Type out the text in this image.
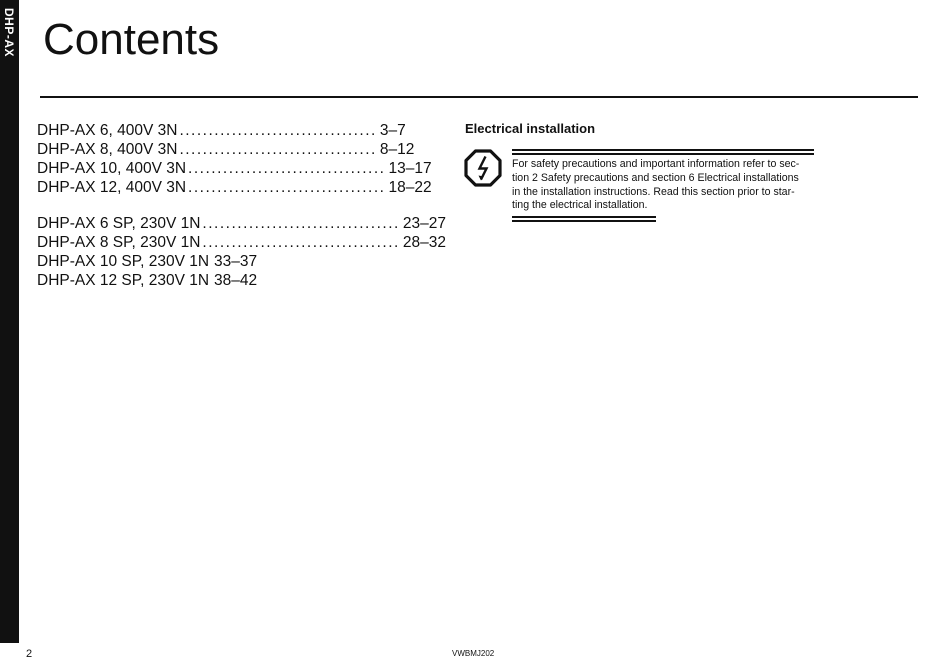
DHP-AX Contents
DHP-AX 6, 400V 3N .................................. 3–7
DHP-AX 8, 400V 3N .................................. 8–12
DHP-AX 10, 400V 3N .................................. 13–17
DHP-AX 12, 400V 3N .................................. 18–22
DHP-AX 6 SP, 230V 1N .................................. 23–27
DHP-AX 8 SP, 230V 1N .................................. 28–32
DHP-AX 10 SP, 230V 1N 33–37
DHP-AX 12 SP, 230V 1N 38–42
Electrical installation

For safety precautions and important information refer to sec-
tion 2 Safety precautions and section 6 Electrical installations
in the installation instructions. Read this section prior to star-
ting the electrical installation.

2	VWBMJ202
